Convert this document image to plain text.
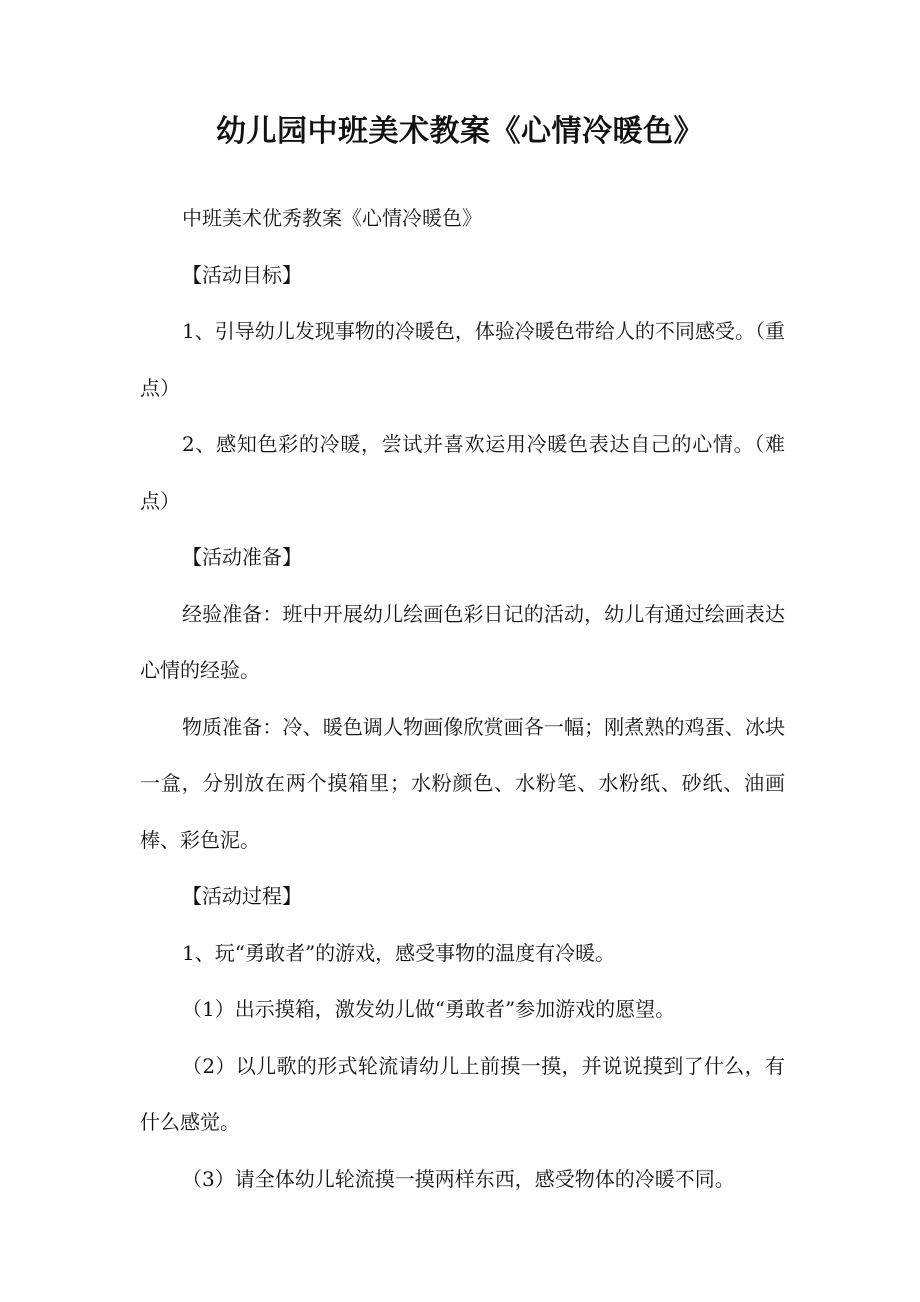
幼儿园中班美术教案《心情冷暖色》

中班美术优秀教案《心情冷暖色》

【活动目标】

1、引导幼儿发现事物的冷暖色，体验冷暖色带给人的不同感受。（重点）

2、感知色彩的冷暖，尝试并喜欢运用冷暖色表达自己的心情。（难点）

【活动准备】

经验准备：班中开展幼儿绘画色彩日记的活动，幼儿有通过绘画表达心情的经验。

物质准备：冷、暖色调人物画像欣赏画各一幅；刚煮熟的鸡蛋、冰块一盒，分别放在两个摸箱里；水粉颜色、水粉笔、水粉纸、砂纸、油画棒、彩色泥。

【活动过程】

1、玩“勇敢者”的游戏，感受事物的温度有冷暖。

（1）出示摸箱，激发幼儿做“勇敢者”参加游戏的愿望。

（2）以儿歌的形式轮流请幼儿上前摸一摸，并说说摸到了什么，有什么感觉。

（3）请全体幼儿轮流摸一摸两样东西，感受物体的冷暖不同。
